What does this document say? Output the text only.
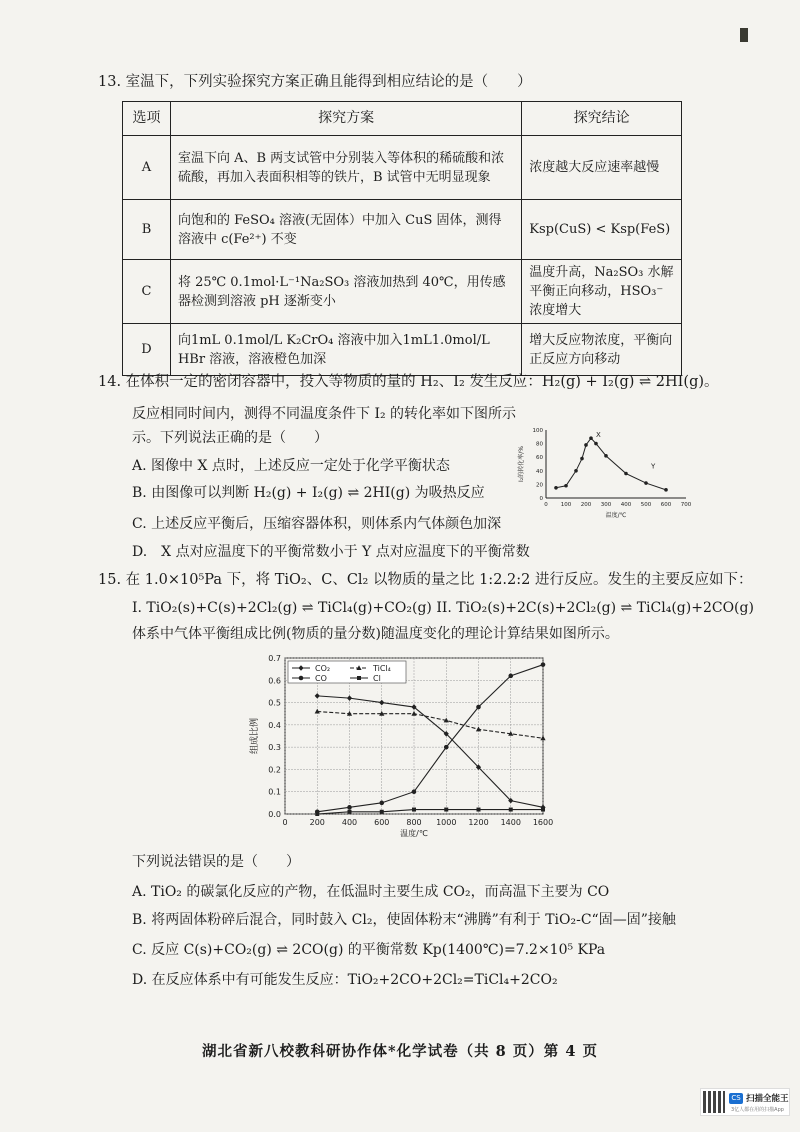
13. 室温下，下列实验探究方案正确且能得到相应结论的是（　　）
选项	探究方案	探究结论
A	室温下向 A、B 两支试管中分别装入等体积的稀硫酸和浓硫酸，再加入表面积相等的铁片，B 试管中无明显现象	浓度越大反应速率越慢
B	向饱和的 FeSO₄ 溶液(无固体）中加入 CuS 固体，测得溶液中 c(Fe²⁺) 不变	Ksp(CuS) < Ksp(FeS)
C	将 25℃ 0.1mol·L⁻¹Na₂SO₃ 溶液加热到 40℃，用传感器检测到溶液 pH 逐渐变小	温度升高，Na₂SO₃ 水解平衡正向移动，HSO₃⁻ 浓度增大
D	向1mL 0.1mol/L K₂CrO₄ 溶液中加入1mL1.0mol/L HBr 溶液，溶液橙色加深	增大反应物浓度，平衡向正反应方向移动
14. 在体积一定的密闭容器中，投入等物质的量的 H₂、I₂ 发生反应：H₂(g) + I₂(g) ⇌ 2HI(g)。
反应相同时间内，测得不同温度条件下 I₂ 的转化率如下图所示
示。下列说法正确的是（　　）
A. 图像中 X 点时，上述反应一定处于化学平衡状态
B. 由图像可以判断 H₂(g) + I₂(g) ⇌ 2HI(g) 为吸热反应
C. 上述反应平衡后，压缩容器体积，则体系内气体颜色加深
D.　X 点对应温度下的平衡常数小于 Y 点对应温度下的平衡常数
0
20
40
60
80
100
0 100 200 300 400 500 600 700
温度/℃
I₂的转化率/%
X
Y
15. 在 1.0×10⁵Pa 下，将 TiO₂、C、Cl₂ 以物质的量之比 1:2.2:2 进行反应。发生的主要反应如下：
I. TiO₂(s)+C(s)+2Cl₂(g) ⇌ TiCl₄(g)+CO₂(g) II. TiO₂(s)+2C(s)+2Cl₂(g) ⇌ TiCl₄(g)+2CO(g)
体系中气体平衡组成比例(物质的量分数)随温度变化的理论计算结果如图所示。
0.0
0.1
0.2
0.3
0.4
0.5
0.6
0.7
0	200 400 600 800 1000 1200 1400 1600
温度/℃
组成比例
CO₂	TiCl₄
CO	Cl
下列说法错误的是（　　）
A. TiO₂ 的碳氯化反应的产物，在低温时主要生成 CO₂，而高温下主要为 CO
B. 将两固体粉碎后混合，同时鼓入 Cl₂，使固体粉末“沸腾”有利于 TiO₂-C“固—固”接触
C. 反应 C(s)+CO₂(g) ⇌ 2CO(g) 的平衡常数 Kp(1400℃)=7.2×10⁵ KPa
D. 在反应体系中有可能发生反应：TiO₂+2CO+2Cl₂=TiCl₄+2CO₂
湖北省新八校教科研协作体*化学试卷（共 8 页）第 4 页
CS 扫描全能王
3亿人都在用的扫描App
